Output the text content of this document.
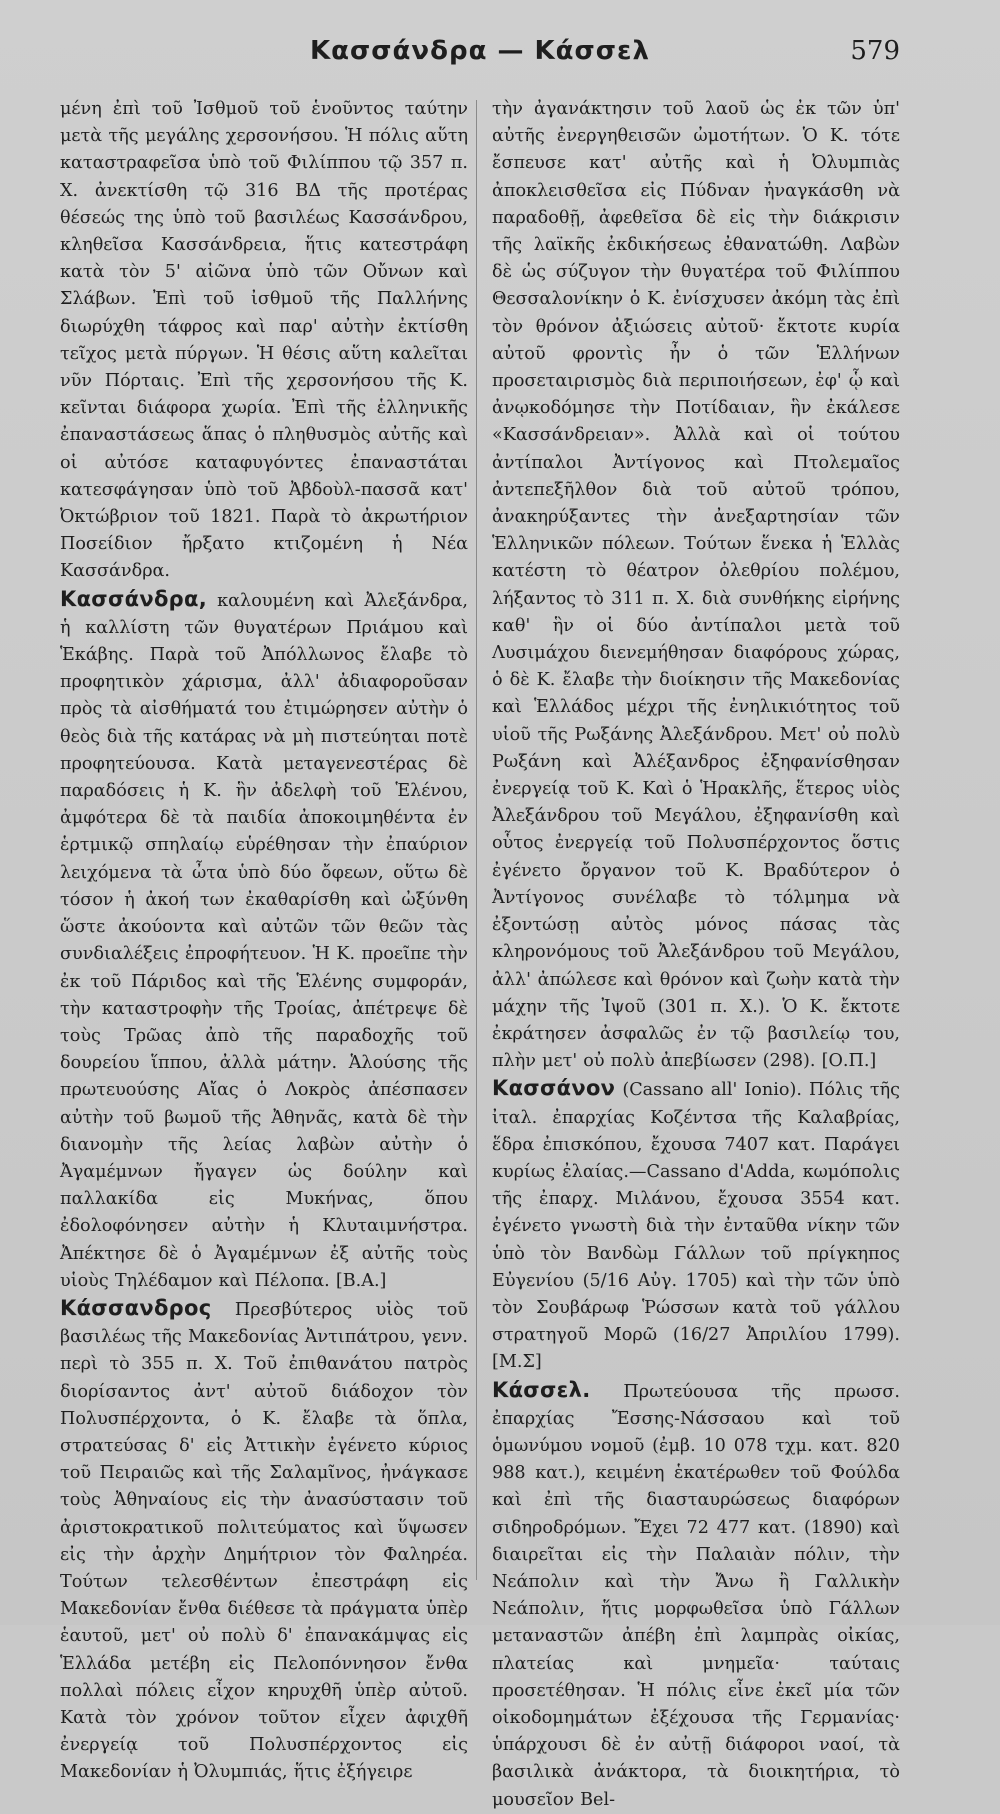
Κασσάνδρα — Κάσσελ	579

μένη ἐπὶ τοῦ Ἰσθμοῦ τοῦ ἑνοῦντος ταύτην μετὰ τῆς μεγάλης χερσονήσου. Ἡ πόλις αὕτη καταστραφεῖσα ὑπὸ τοῦ Φιλίππου τῷ 357 π. Χ. ἀνεκτίσθη τῷ 316 ΒΔ τῆς προτέρας θέσεώς της ὑπὸ τοῦ βασιλέως Κασσάνδρου, κληθεῖσα Κασσάνδρεια, ἥτις κατεστράφη κατὰ τὸν 5' αἰῶνα ὑπὸ τῶν Οὔνων καὶ Σλάβων. Ἐπὶ τοῦ ἰσθμοῦ τῆς Παλλήνης διωρύχθη τάφρος καὶ παρ' αὐτὴν ἐκτίσθη τεῖχος μετὰ πύργων. Ἡ θέσις αὕτη καλεῖται νῦν Πόρταις. Ἐπὶ τῆς χερσονήσου τῆς Κ. κεῖνται διάφορα χωρία. Ἐπὶ τῆς ἑλληνικῆς ἐπαναστάσεως ἅπας ὁ πληθυσμὸς αὐτῆς καὶ οἱ αὐτόσε καταφυγόντες ἐπαναστάται κατεσφάγησαν ὑπὸ τοῦ Ἀβδοὺλ-πασσᾶ κατ' Ὀκτώβριον τοῦ 1821. Παρὰ τὸ ἀκρωτήριον Ποσείδιον ἤρξατο κτιζομένη ἡ Νέα Κασσάνδρα.

Κασσάνδρα, καλουμένη καὶ Ἀλεξάνδρα, ἡ καλλίστη τῶν θυγατέρων Πριάμου καὶ Ἑκάβης. Παρὰ τοῦ Ἀπόλλωνος ἔλαβε τὸ προφητικὸν χάρισμα, ἀλλ' ἀδιαφοροῦσαν πρὸς τὰ αἰσθήματά του ἐτιμώρησεν αὐτὴν ὁ θεὸς διὰ τῆς κατάρας νὰ μὴ πιστεύηται ποτὲ προφητεύουσα. Κατὰ μεταγενεστέρας δὲ παραδόσεις ἡ Κ. ἣν ἀδελφὴ τοῦ Ἑλένου, ἀμφότερα δὲ τὰ παιδία ἀποκοιμηθέντα ἐν ἑρτμικῷ σπηλαίῳ εὑρέθησαν τὴν ἐπαύριον λειχόμενα τὰ ὦτα ὑπὸ δύο ὄφεων, οὕτω δὲ τόσον ἡ ἀκοή των ἐκαθαρίσθη καὶ ὠξύνθη ὥστε ἀκούοντα καὶ αὐτῶν τῶν θεῶν τὰς συνδιαλέξεις ἐπροφήτευον. Ἡ Κ. προεῖπε τὴν ἐκ τοῦ Πάριδος καὶ τῆς Ἑλένης συμφοράν, τὴν καταστροφὴν τῆς Τροίας, ἀπέτρεψε δὲ τοὺς Τρῶας ἀπὸ τῆς παραδοχῆς τοῦ δουρείου ἵππου, ἀλλὰ μάτην. Ἁλούσης τῆς πρωτευούσης Αἴας ὁ Λοκρὸς ἀπέσπασεν αὐτὴν τοῦ βωμοῦ τῆς Ἀθηνᾶς, κατὰ δὲ τὴν διανομὴν τῆς λείας λαβὼν αὐτὴν ὁ Ἀγαμέμνων ἤγαγεν ὡς δούλην καὶ παλλακίδα εἰς Μυκήνας, ὅπου ἐδολοφόνησεν αὐτὴν ἡ Κλυταιμνήστρα. Ἀπέκτησε δὲ ὁ Ἀγαμέμνων ἐξ αὐτῆς τοὺς υἱοὺς Τηλέδαμον καὶ Πέλοπα. [Β.Α.]

Κάσσανδρος Πρεσβύτερος υἱὸς τοῦ βασιλέως τῆς Μακεδονίας Ἀντιπάτρου, γενν. περὶ τὸ 355 π. Χ. Τοῦ ἐπιθανάτου πατρὸς διορίσαντος ἀντ' αὐτοῦ διάδοχον τὸν Πολυσπέρχοντα, ὁ Κ. ἔλαβε τὰ ὅπλα, στρατεύσας δ' εἰς Ἀττικὴν ἐγένετο κύριος τοῦ Πειραιῶς καὶ τῆς Σαλαμῖνος, ἠνάγκασε τοὺς Ἀθηναίους εἰς τὴν ἀνασύστασιν τοῦ ἀριστοκρατικοῦ πολιτεύματος καὶ ὕψωσεν εἰς τὴν ἀρχὴν Δημήτριον τὸν Φαληρέα. Τούτων τελεσθέντων ἐπεστράφη εἰς Μακεδονίαν ἔνθα διέθεσε τὰ πράγματα ὑπὲρ ἑαυτοῦ, μετ' οὐ πολὺ δ' ἐπανακάμψας εἰς Ἑλλάδα μετέβη εἰς Πελοπόννησον ἔνθα πολλαὶ πόλεις εἶχον κηρυχθῆ ὑπὲρ αὐτοῦ. Κατὰ τὸν χρόνον τοῦτον εἶχεν ἀφιχθῆ ἐνεργείᾳ τοῦ Πολυσπέρχοντος εἰς Μακεδονίαν ἡ Ὀλυμπιάς, ἥτις ἐξήγειρε

τὴν ἀγανάκτησιν τοῦ λαοῦ ὡς ἐκ τῶν ὑπ' αὐτῆς ἐνεργηθεισῶν ὠμοτήτων. Ὁ Κ. τότε ἔσπευσε κατ' αὐτῆς καὶ ἡ Ὀλυμπιὰς ἀποκλεισθεῖσα εἰς Πύδναν ἠναγκάσθη νὰ παραδοθῇ, ἀφεθεῖσα δὲ εἰς τὴν διάκρισιν τῆς λαϊκῆς ἐκδικήσεως ἐθανατώθη. Λαβὼν δὲ ὡς σύζυγον τὴν θυγατέρα τοῦ Φιλίππου Θεσσαλονίκην ὁ Κ. ἐνίσχυσεν ἀκόμη τὰς ἐπὶ τὸν θρόνον ἀξιώσεις αὐτοῦ· ἔκτοτε κυρία αὐτοῦ φροντὶς ἦν ὁ τῶν Ἑλλήνων προσεταιρισμὸς διὰ περιποιήσεων, ἐφ' ᾧ καὶ ἀνῳκοδόμησε τὴν Ποτίδαιαν, ἣν ἐκάλεσε «Κασσάνδρειαν». Ἀλλὰ καὶ οἱ τούτου ἀντίπαλοι Ἀντίγονος καὶ Πτολεμαῖος ἀντεπεξῆλθον διὰ τοῦ αὐτοῦ τρόπου, ἀνακηρύξαντες τὴν ἀνεξαρτησίαν τῶν Ἑλληνικῶν πόλεων. Τούτων ἕνεκα ἡ Ἑλλὰς κατέστη τὸ θέατρον ὀλεθρίου πολέμου, λήξαντος τὸ 311 π. Χ. διὰ συνθήκης εἰρήνης καθ' ἣν οἱ δύο ἀντίπαλοι μετὰ τοῦ Λυσιμάχου διενεμήθησαν διαφόρους χώρας, ὁ δὲ Κ. ἔλαβε τὴν διοίκησιν τῆς Μακεδονίας καὶ Ἑλλάδος μέχρι τῆς ἐνηλικιότητος τοῦ υἱοῦ τῆς Ρωξάνης Ἀλεξάνδρου. Μετ' οὐ πολὺ Ρωξάνη καὶ Ἀλέξανδρος ἐξηφανίσθησαν ἐνεργείᾳ τοῦ Κ. Καὶ ὁ Ἡρακλῆς, ἕτερος υἱὸς Ἀλεξάνδρου τοῦ Μεγάλου, ἐξηφανίσθη καὶ οὗτος ἐνεργείᾳ τοῦ Πολυσπέρχοντος ὅστις ἐγένετο ὄργανον τοῦ Κ. Βραδύτερον ὁ Ἀντίγονος συνέλαβε τὸ τόλμημα νὰ ἐξοντώσῃ αὐτὸς μόνος πάσας τὰς κληρονόμους τοῦ Ἀλεξάνδρου τοῦ Μεγάλου, ἀλλ' ἀπώλεσε καὶ θρόνον καὶ ζωὴν κατὰ τὴν μάχην τῆς Ἰψοῦ (301 π. Χ.). Ὁ Κ. ἔκτοτε ἐκράτησεν ἀσφαλῶς ἐν τῷ βασιλείῳ του, πλὴν μετ' οὐ πολὺ ἀπεβίωσεν (298). [Ο.Π.]

Κασσάνον (Cassano all' Ionio). Πόλις τῆς ἰταλ. ἐπαρχίας Κοζέντσα τῆς Καλαβρίας, ἕδρα ἐπισκόπου, ἔχουσα 7407 κατ. Παράγει κυρίως ἐλαίας.—Cassano d'Adda, κωμόπολις τῆς ἐπαρχ. Μιλάνου, ἔχουσα 3554 κατ. ἐγένετο γνωστὴ διὰ τὴν ἐνταῦθα νίκην τῶν ὑπὸ τὸν Βανδὼμ Γάλλων τοῦ πρίγκηπος Εὐγενίου (5/16 Αὐγ. 1705) καὶ τὴν τῶν ὑπὸ τὸν Σουβάρωφ Ῥώσσων κατὰ τοῦ γάλλου στρατηγοῦ Μορῶ (16/27 Ἀπριλίου 1799). [Μ.Σ]

Κάσσελ. Πρωτεύουσα τῆς πρωσσ. ἐπαρχίας Ἔσσης-Νάσσαου καὶ τοῦ ὁμωνύμου νομοῦ (ἐμβ. 10 078 τχμ. κατ. 820 988 κατ.), κειμένη ἑκατέρωθεν τοῦ Φούλδα καὶ ἐπὶ τῆς διασταυρώσεως διαφόρων σιδηροδρόμων. Ἔχει 72 477 κατ. (1890) καὶ διαιρεῖται εἰς τὴν Παλαιὰν πόλιν, τὴν Νεάπολιν καὶ τὴν Ἄνω ἢ Γαλλικὴν Νεάπολιν, ἥτις μορφωθεῖσα ὑπὸ Γάλλων μεταναστῶν ἀπέβη ἐπὶ λαμπρὰς οἰκίας, πλατείας καὶ μνημεῖα· ταύταις προσετέθησαν. Ἡ πόλις εἶνε ἐκεῖ μία τῶν οἰκοδομημάτων ἐξέχουσα τῆς Γερμανίας· ὑπάρχουσι δὲ ἐν αὐτῇ διάφοροι ναοί, τὰ βασιλικὰ ἀνάκτορα, τὰ διοικητήρια, τὸ μουσεῖον Bel-
